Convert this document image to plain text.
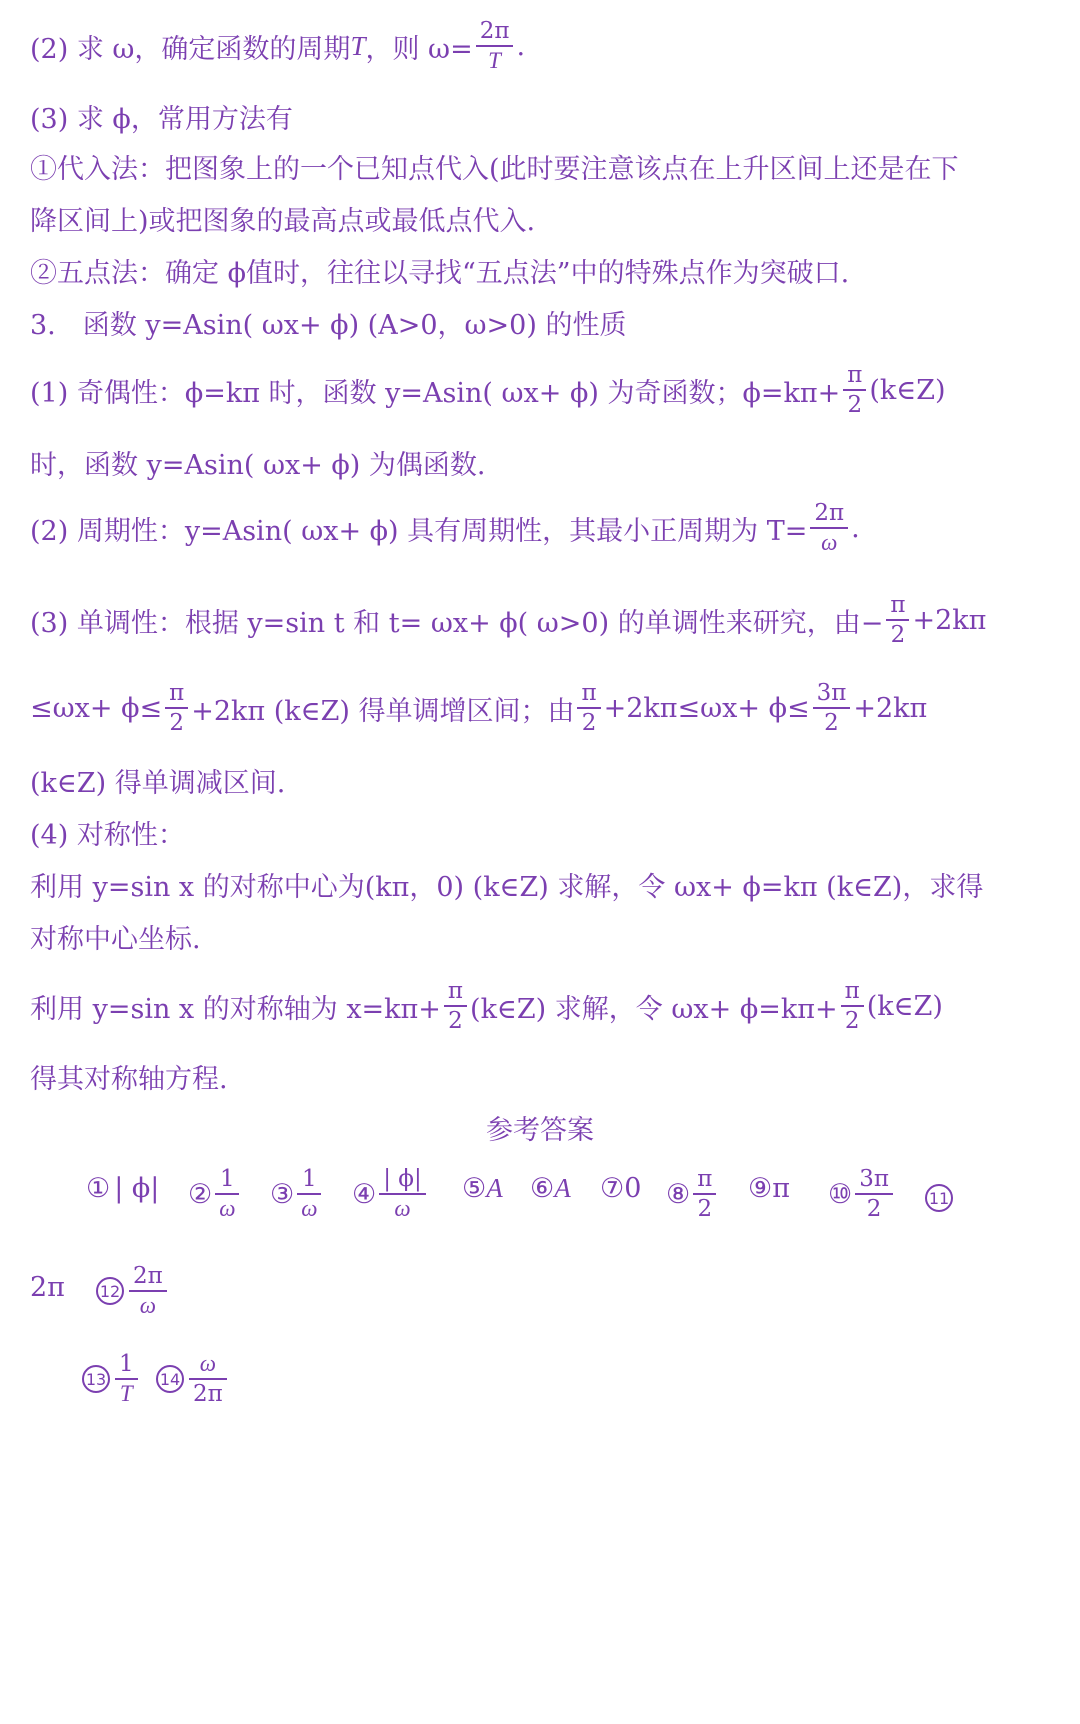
(2) 求 ω，确定函数的周期 T ，则 $\omega= \frac{2\pi}{T}$ .
(3) 求 ϕ，常用方法有
①代入法：把图象上的一个已知点代入(此时要注意该点在上升区间上还是在下
降区间上)或把图象的最高点或最低点代入.
②五点法：确定 ϕ值时，往往以寻找“五点法”中的特殊点作为突破口.
3.　函数 y=Asin( ωx+ ϕ) (A>0，ω>0) 的性质
(1) 奇偶性：ϕ=kπ 时，函数 y=Asin( ωx+ ϕ) 为奇函数；$\phi=k\pi+ \frac{\pi}{2}$ (k∈Z)
时，函数 y=Asin( ωx+ ϕ) 为偶函数.
(2) 周期性：y=Asin( ωx+ ϕ) 具有周期性，其最小正周期为 $T= \frac{2\pi}{\omega}$ .
(3) 单调性：根据 y=sin t 和 t= ωx+ ϕ( ω>0) 的单调性来研究，由− $\frac{\pi}{2} +2k\pi$
$\le\omega x+ \phi\le \frac{\pi}{2} +2k\pi$ (k∈Z) 得单调增区间；由 $\frac{\pi}{2} +2k\pi\le\omega x+ \phi\le \frac{3\pi}{2} +2k\pi$
(k∈Z) 得单调减区间.
(4) 对称性：
利用 y=sin x 的对称中心为(kπ，0) (k∈Z) 求解，令 ωx+ ϕ=kπ (k∈Z)，求得
对称中心坐标.
利用 y=sin x 的对称轴为 $x=k\pi+ \frac{\pi}{2}$ (k∈Z) 求解，令 $\omega x+ \phi=k\pi+ \frac{\pi}{2}$ (k∈Z)
得其对称轴方程.
参考答案
① | ϕ| ② $\frac{1}{\omega}$ ③ $\frac{1}{\omega}$ ④ $\frac{| \phi|}{\omega}$ ⑤ A ⑥ A ⑦ 0 ⑧ $\frac{\pi}{2}$ ⑨ π ⑩ $\frac{3\pi}{2} 11$
2π $12 \frac{2\pi}{\omega}$
$13 \frac{1}{T} 14 \frac{\omega}{2\pi}$
